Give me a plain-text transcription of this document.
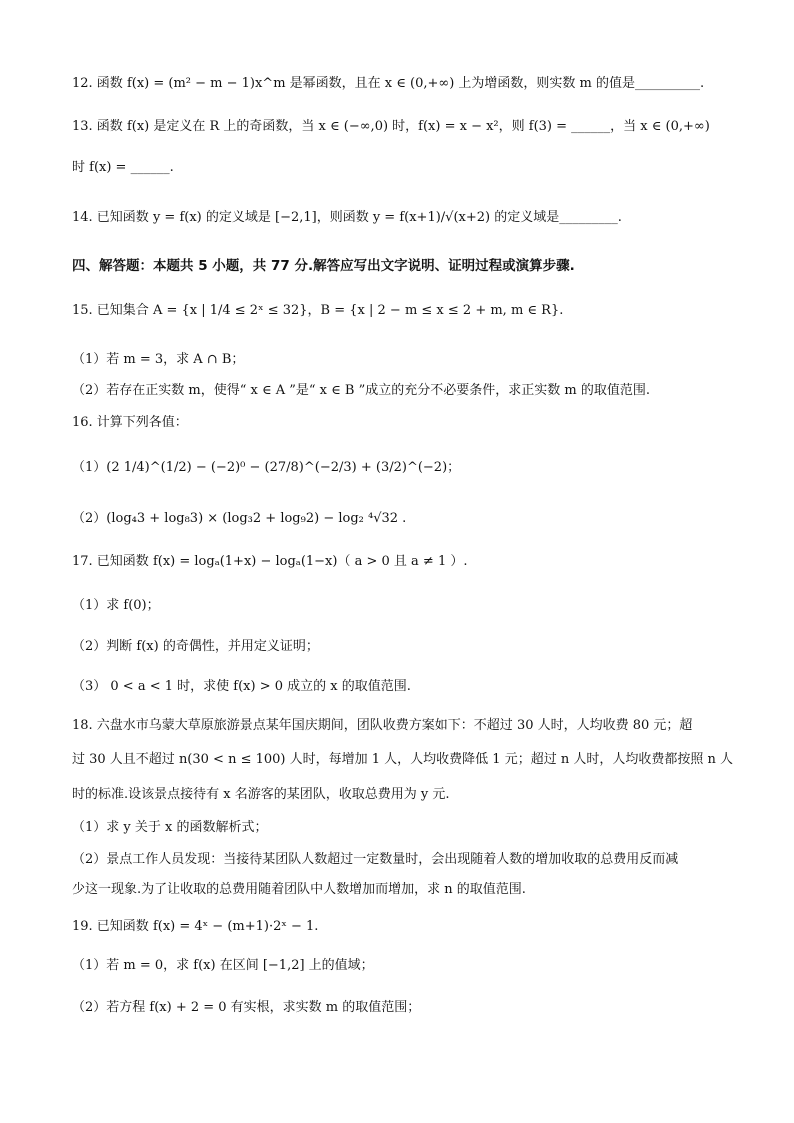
12. 函数 f(x) = (m² − m − 1)x^m 是幂函数，且在 x ∈ (0,+∞) 上为增函数，则实数 m 的值是__________.
13. 函数 f(x) 是定义在 R 上的奇函数，当 x ∈ (−∞,0) 时，f(x) = x − x²，则 f(3) = ______，当 x ∈ (0,+∞)
时 f(x) = ______.
14. 已知函数 y = f(x) 的定义域是 [−2,1]，则函数 y = f(x+1)/√(x+2) 的定义域是_________.
四、解答题：本题共 5 小题，共 77 分.解答应写出文字说明、证明过程或演算步骤.
15. 已知集合 A = {x | 1/4 ≤ 2ˣ ≤ 32}，B = {x | 2 − m ≤ x ≤ 2 + m, m ∈ R}.
（1）若 m = 3，求 A ∩ B；
（2）若存在正实数 m，使得“ x ∈ A ”是“ x ∈ B ”成立的充分不必要条件，求正实数 m 的取值范围.
16. 计算下列各值：
（1）(2 1/4)^(1/2) − (−2)⁰ − (27/8)^(−2/3) + (3/2)^(−2)；
（2）(log₄3 + log₈3) × (log₃2 + log₉2) − log₂ ⁴√32 .
17. 已知函数 f(x) = logₐ(1+x) − logₐ(1−x)（ a > 0 且 a ≠ 1 ）.
（1）求 f(0)；
（2）判断 f(x) 的奇偶性，并用定义证明；
（3） 0 < a < 1 时，求使 f(x) > 0 成立的 x 的取值范围.
18. 六盘水市乌蒙大草原旅游景点某年国庆期间，团队收费方案如下：不超过 30 人时，人均收费 80 元；超
过 30 人且不超过 n(30 < n ≤ 100) 人时，每增加 1 人，人均收费降低 1 元；超过 n 人时，人均收费都按照 n 人
时的标准.设该景点接待有 x 名游客的某团队，收取总费用为 y 元.
（1）求 y 关于 x 的函数解析式；
（2）景点工作人员发现：当接待某团队人数超过一定数量时，会出现随着人数的增加收取的总费用反而减
少这一现象.为了让收取的总费用随着团队中人数增加而增加，求 n 的取值范围.
19. 已知函数 f(x) = 4ˣ − (m+1)·2ˣ − 1.
（1）若 m = 0，求 f(x) 在区间 [−1,2] 上的值域；
（2）若方程 f(x) + 2 = 0 有实根，求实数 m 的取值范围；
